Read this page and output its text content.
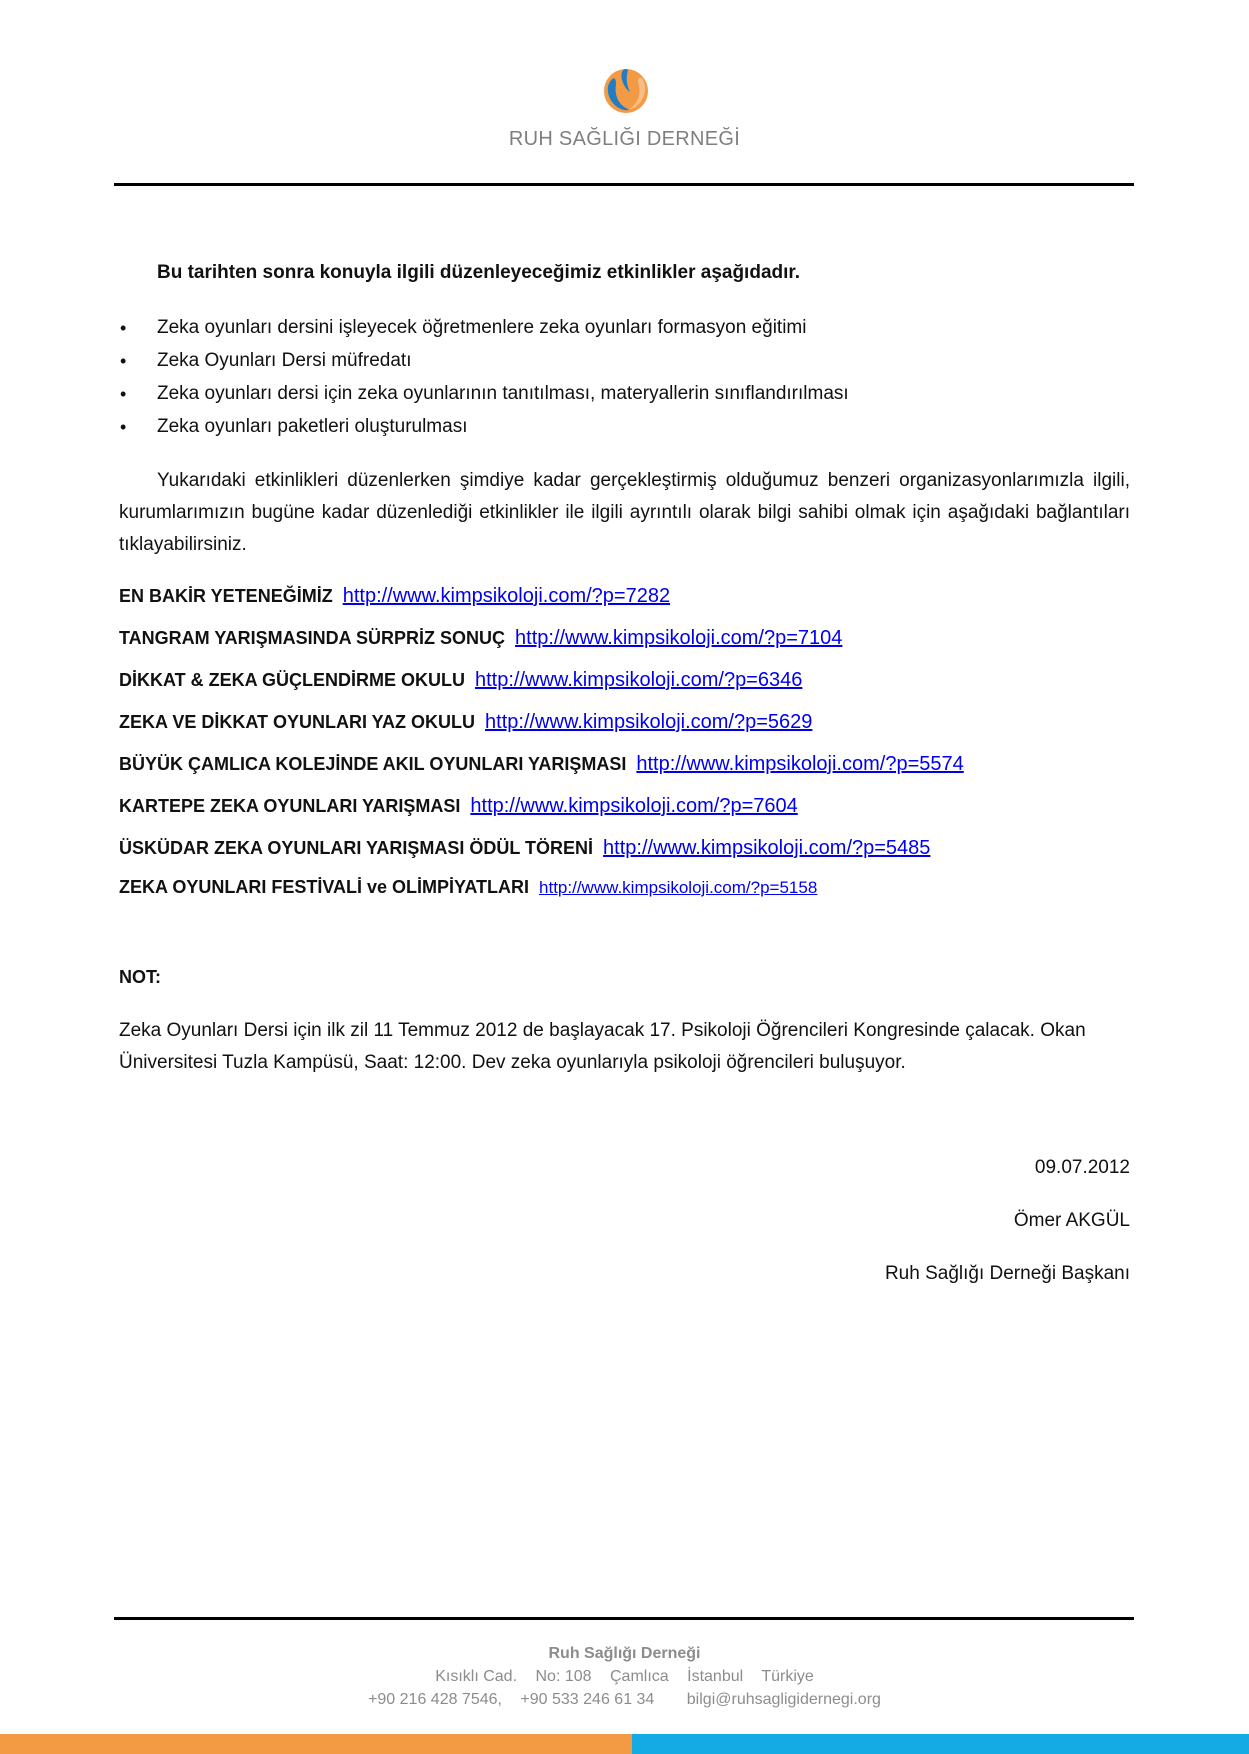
RUH SAĞLIĞI DERNEĞİ
Bu tarihten sonra konuyla ilgili düzenleyeceğimiz etkinlikler aşağıdadır.
• Zeka oyunları dersini işleyecek öğretmenlere zeka oyunları formasyon eğitimi
• Zeka Oyunları Dersi müfredatı
• Zeka oyunları dersi için zeka oyunlarının tanıtılması, materyallerin sınıflandırılması
• Zeka oyunları paketleri oluşturulması
Yukarıdaki etkinlikleri düzenlerken şimdiye kadar gerçekleştirmiş olduğumuz benzeri organizasyonlarımızla ilgili, kurumlarımızın bugüne kadar düzenlediği etkinlikler ile ilgili ayrıntılı olarak bilgi sahibi olmak için aşağıdaki bağlantıları tıklayabilirsiniz.
EN BAKİR YETENEĞİMİZ http://www.kimpsikoloji.com/?p=7282
TANGRAM YARIŞMASINDA SÜRPRİZ SONUÇ http://www.kimpsikoloji.com/?p=7104
DİKKAT & ZEKA GÜÇLENDİRME OKULU http://www.kimpsikoloji.com/?p=6346
ZEKA VE DİKKAT OYUNLARI YAZ OKULU http://www.kimpsikoloji.com/?p=5629
BÜYÜK ÇAMLICA KOLEJİNDE AKIL OYUNLARI YARIŞMASI http://www.kimpsikoloji.com/?p=5574
KARTEPE ZEKA OYUNLARI YARIŞMASI http://www.kimpsikoloji.com/?p=7604
ÜSKÜDAR ZEKA OYUNLARI YARIŞMASI ÖDÜL TÖRENİ http://www.kimpsikoloji.com/?p=5485
ZEKA OYUNLARI FESTİVALİ ve OLİMPİYATLARI http://www.kimpsikoloji.com/?p=5158
NOT:
Zeka Oyunları Dersi için ilk zil 11 Temmuz 2012 de başlayacak 17. Psikoloji Öğrencileri Kongresinde çalacak. Okan Üniversitesi Tuzla Kampüsü, Saat: 12:00. Dev zeka oyunlarıyla psikoloji öğrencileri buluşuyor.
09.07.2012
Ömer AKGÜL
Ruh Sağlığı Derneği Başkanı
Ruh Sağlığı Derneği
Kısıklı Cad. No: 108 Çamlıca İstanbul Türkiye
+90 216 428 7546, +90 533 246 61 34 bilgi@ruhsagligidernegi.org
